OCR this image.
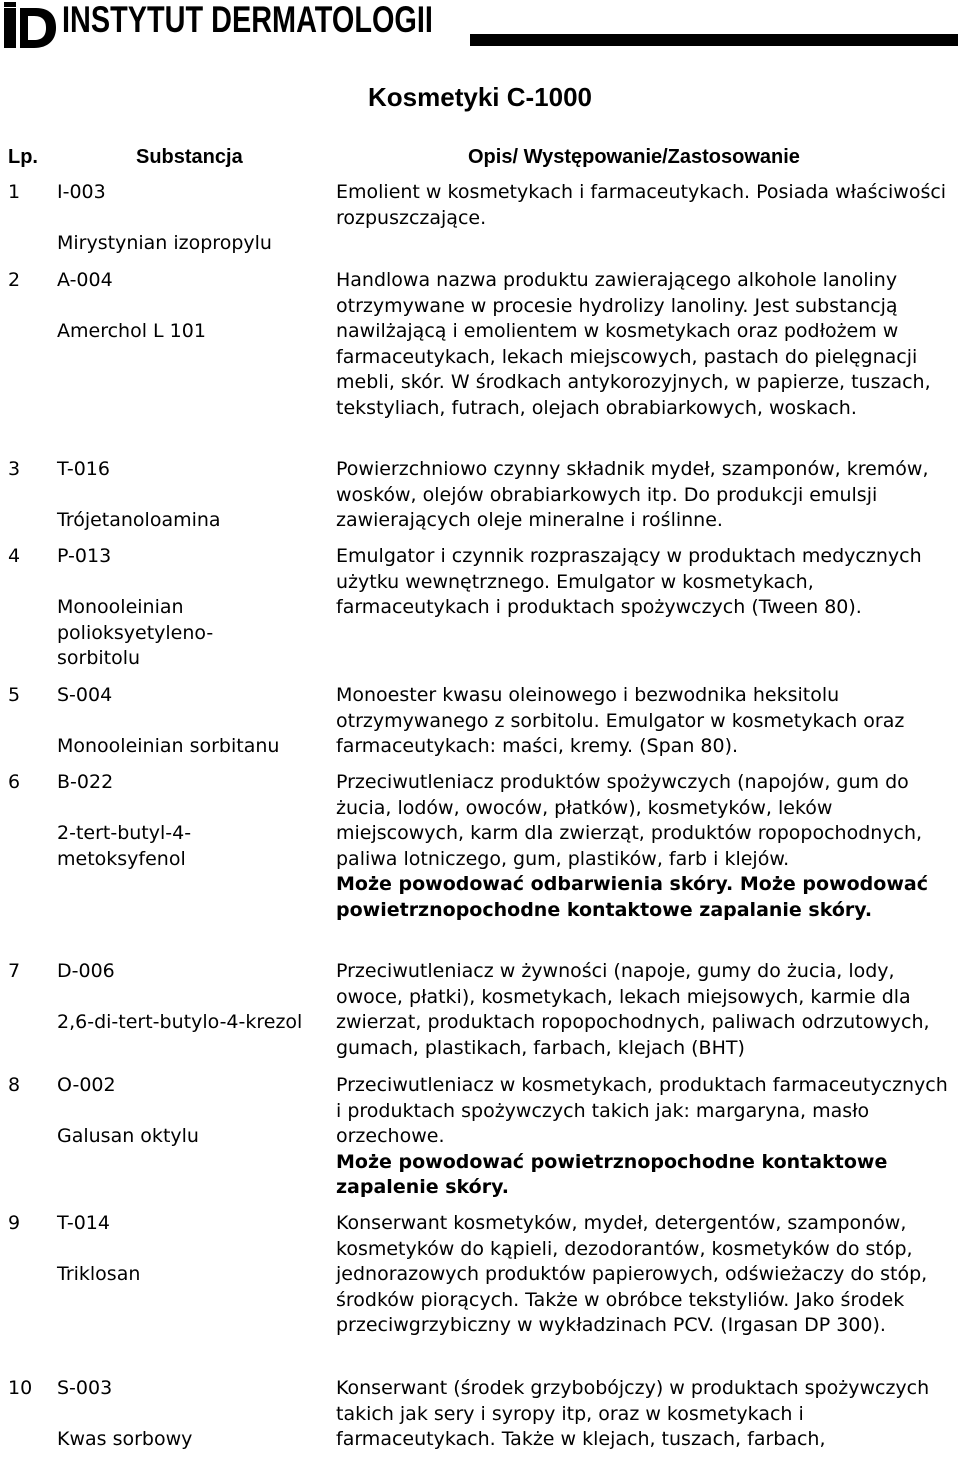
INSTYTUT DERMATOLOGII
Kosmetyki C-1000
Lp.	Substancja	Opis/ Występowanie/Zastosowanie
1 I-003
Mirystynian izopropylu
Emolient w kosmetykach i farmaceutykach. Posiada właściwości rozpuszczające.
2 A-004
Amerchol L 101
Handlowa nazwa produktu zawierającego alkohole lanoliny otrzymywane w procesie hydrolizy lanoliny. Jest substancją nawilżającą i emolientem w kosmetykach oraz podłożem w farmaceutykach, lekach miejscowych, pastach do pielęgnacji mebli, skór. W środkach antykorozyjnych, w papierze, tuszach, tekstyliach, futrach, olejach obrabiarkowych, woskach.
3 T-016
Trójetanoloamina
Powierzchniowo czynny składnik mydeł, szamponów, kremów, wosków, olejów obrabiarkowych itp. Do produkcji emulsji zawierających oleje mineralne i roślinne.
4 P-013
Monooleinian polioksyetyleno-sorbitolu
Emulgator i czynnik rozpraszający w produktach medycznych użytku wewnętrznego. Emulgator w kosmetykach, farmaceutykach i produktach spożywczych (Tween 80).
5 S-004
Monooleinian sorbitanu
Monoester kwasu oleinowego i bezwodnika heksitolu otrzymywanego z sorbitolu. Emulgator w kosmetykach oraz farmaceutykach: maści, kremy. (Span 80).
6 B-022
2-tert-butyl-4-metoksyfenol
Przeciwutleniacz produktów spożywczych (napojów, gum do żucia, lodów, owoców, płatków), kosmetyków, leków miejscowych, karm dla zwierząt, produktów ropopochodnych, paliwa lotniczego, gum, plastików, farb i klejów.
Może powodować odbarwienia skóry. Może powodować powietrznopochodne kontaktowe zapalanie skóry.
7 D-006
2,6-di-tert-butylo-4-krezol
Przeciwutleniacz w żywności (napoje, gumy do żucia, lody, owoce, płatki), kosmetykach, lekach miejsowych, karmie dla zwierzat, produktach ropopochodnych, paliwach odrzutowych, gumach, plastikach, farbach, klejach (BHT)
8 O-002
Galusan oktylu
Przeciwutleniacz w kosmetykach, produktach farmaceutycznych i produktach spożywczych takich jak: margaryna, masło orzechowe.
Może powodować powietrznopochodne kontaktowe zapalenie skóry.
9 T-014
Triklosan
Konserwant kosmetyków, mydeł, detergentów, szamponów, kosmetyków do kąpieli, dezodorantów, kosmetyków do stóp, jednorazowych produktów papierowych, odświeżaczy do stóp, środków piorących. Także w obróbce tekstyliów. Jako środek przeciwgrzybiczny w wykładzinach PCV. (Irgasan DP 300).
10 S-003
Kwas sorbowy
Konserwant (środek grzybobójczy) w produktach spożywczych takich jak sery i syropy itp, oraz w kosmetykach i farmaceutykach. Także w klejach, tuszach, farbach,
